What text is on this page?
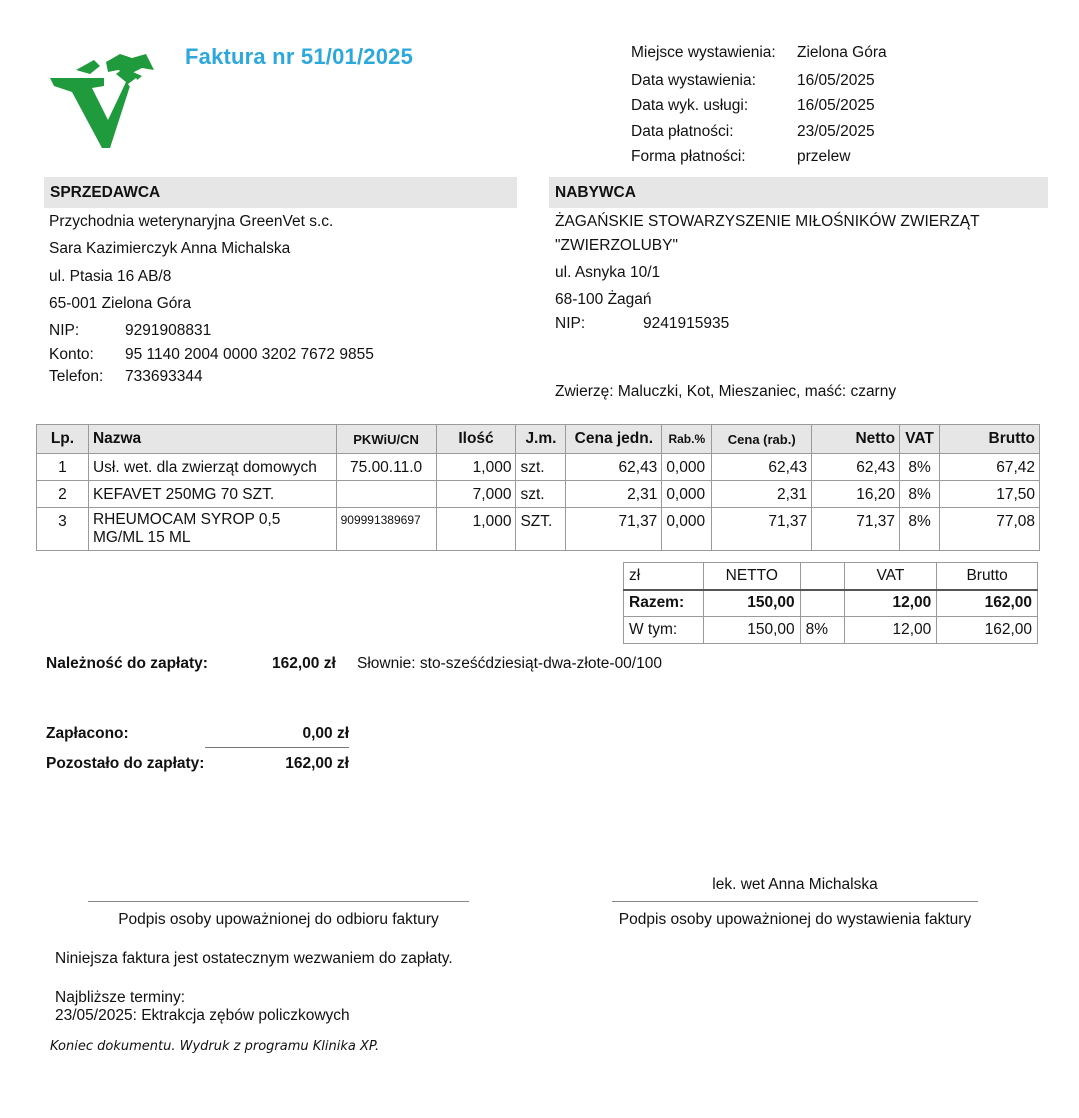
Faktura nr 51/01/2025	Miejsce wystawienia: Zielona Góra
Data wystawienia:	16/05/2025
Data wyk. usługi:	16/05/2025
Data płatności:	23/05/2025
Forma płatności:	przelew
SPRZEDAWCA
Przychodnia weterynaryjna GreenVet s.c.
Sara Kazimierczyk Anna Michalska
ul. Ptasia 16 AB/8
65-001 Zielona Góra
NIP:	9291908831
Konto: 95 1140 2004 0000 3202 7672 9855
Telefon: 733693344
NABYWCA
ŻAGAŃSKIE STOWARZYSZENIE MIŁOŚNIKÓW ZWIERZĄT
"ZWIERZOLUBY"
ul. Asnyka 10/1
68-100 Żagań
NIP:	9241915935
Zwierzę: Maluczki, Kot, Mieszaniec, maść: czarny
Lp.	Nazwa	PKWiU/CN	Ilość	J.m.	Cena jedn.	Rab.%	Cena (rab.)	Netto	VAT	Brutto
1	Usł. wet. dla zwierząt domowych	75.00.11.0	1,000	szt.	62,43	0,000	62,43	62,43	8%	67,42
2	KEFAVET 250MG 70 SZT.		7,000	szt.	2,31	0,000	2,31	16,20	8%	17,50
3	RHEUMOCAM SYROP 0,5 MG/ML 15 ML	909991389697	1,000	SZT.	71,37	0,000	71,37	71,37	8%	77,08
zł	NETTO		VAT	Brutto
Razem:	150,00		12,00	162,00
W tym:	150,00	8%	12,00	162,00
Należność do zapłaty:	162,00 zł Słownie: sto-sześćdziesiąt-dwa-złote-00/100
Zapłacono:	0,00 zł
Pozostało do zapłaty:	162,00 zł
lek. wet Anna Michalska
Podpis osoby upoważnionej do odbioru faktury	Podpis osoby upoważnionej do wystawienia faktury
Niniejsza faktura jest ostatecznym wezwaniem do zapłaty.
Najbliższe terminy:
23/05/2025: Ektrakcja zębów policzkowych
Koniec dokumentu. Wydruk z programu Klinika XP.
